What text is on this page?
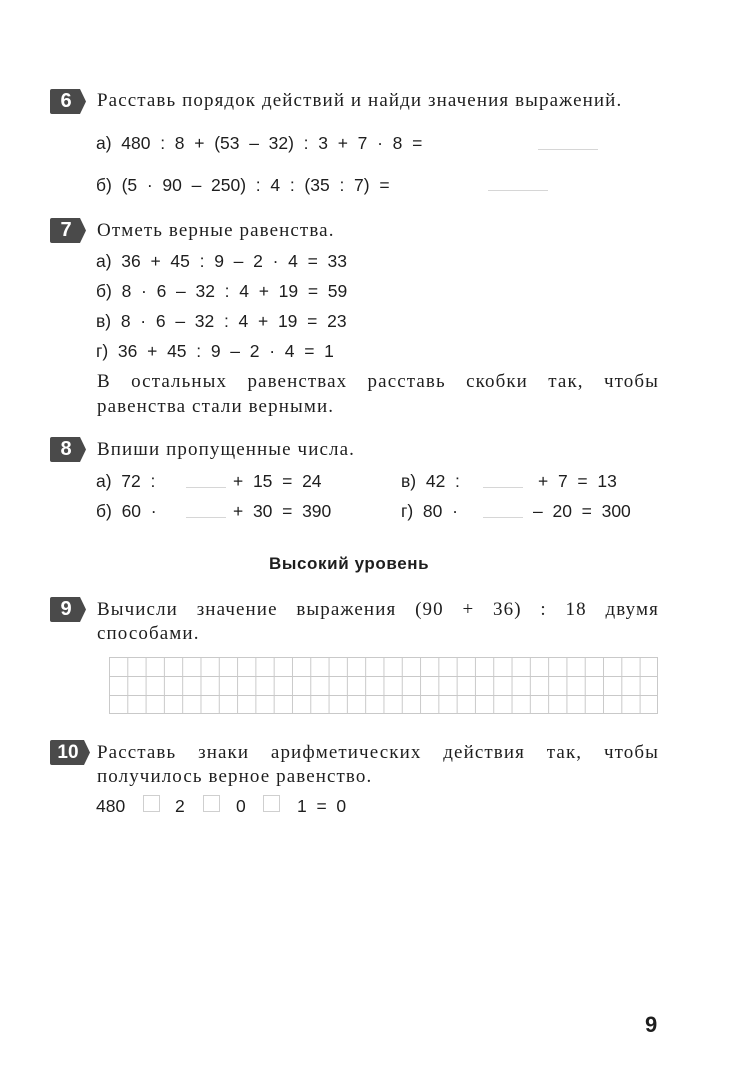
6	Расставь порядок действий и найди значения выражений.
а)  480  :  8  +  (53  –  32)  :  3  +  7  ·  8  =
б)  (5  ·  90  –  250)  :  4  :  (35  :  7)  =
7	Отметь верные равенства.
а)  36  +  45  :  9  –  2  ·  4  =  33
б)  8  ·  6  –  32  :  4  +  19  =  59
в)  8  ·  6  –  32  :  4  +  19  =  23
г)  36  +  45  :  9  –  2  ·  4  =  1
В остальных равенствах расставь скобки так, чтобы
равенства стали верными.
8	Впиши пропущенные числа.
а)  72  :	+  15  =  24
б)  60  ·	+  30  =  390
в)  42  :	+  7  =  13
г)  80  ·	–  20  =  300
Высокий уровень
9	Вычисли значение выражения (90 + 36) : 18 двумя
способами.
10 Расставь знаки арифметических действия так, чтобы
получилось верное равенство.
480	2	0	1  =  0
9
